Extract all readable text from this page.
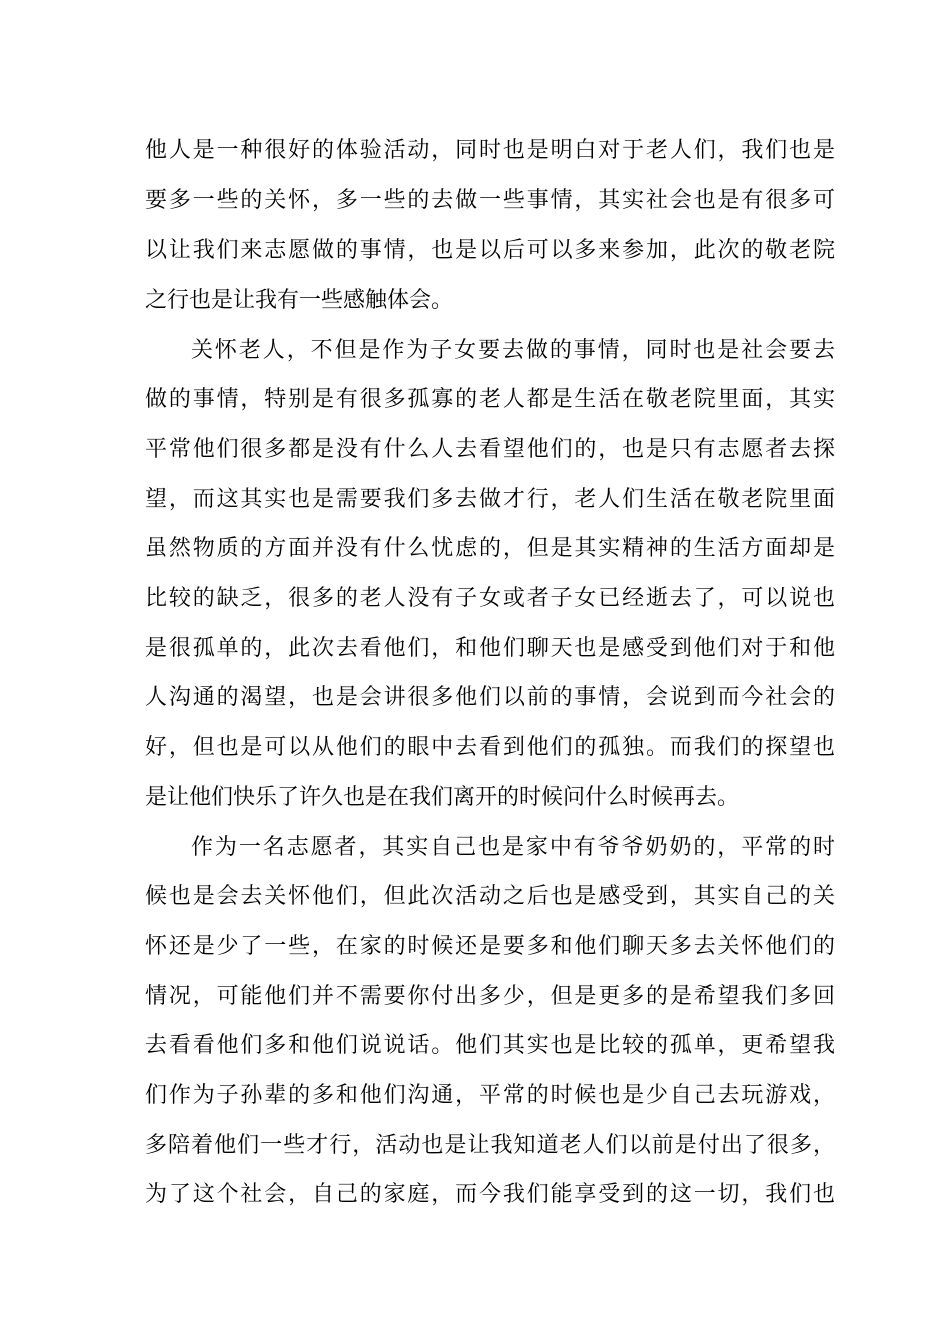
他人是一种很好的体验活动，同时也是明白对于老人们，我们也是
要多一些的关怀，多一些的去做一些事情，其实社会也是有很多可
以让我们来志愿做的事情，也是以后可以多来参加，此次的敬老院
之行也是让我有一些感触体会。
关怀老人，不但是作为子女要去做的事情，同时也是社会要去
做的事情，特别是有很多孤寡的老人都是生活在敬老院里面，其实
平常他们很多都是没有什么人去看望他们的，也是只有志愿者去探
望，而这其实也是需要我们多去做才行，老人们生活在敬老院里面
虽然物质的方面并没有什么忧虑的，但是其实精神的生活方面却是
比较的缺乏，很多的老人没有子女或者子女已经逝去了，可以说也
是很孤单的，此次去看他们，和他们聊天也是感受到他们对于和他
人沟通的渴望，也是会讲很多他们以前的事情，会说到而今社会的
好，但也是可以从他们的眼中去看到他们的孤独。而我们的探望也
是让他们快乐了许久也是在我们离开的时候问什么时候再去。
作为一名志愿者，其实自己也是家中有爷爷奶奶的，平常的时
候也是会去关怀他们，但此次活动之后也是感受到，其实自己的关
怀还是少了一些，在家的时候还是要多和他们聊天多去关怀他们的
情况，可能他们并不需要你付出多少，但是更多的是希望我们多回
去看看他们多和他们说说话。他们其实也是比较的孤单，更希望我
们作为子孙辈的多和他们沟通，平常的时候也是少自己去玩游戏，
多陪着他们一些才行，活动也是让我知道老人们以前是付出了很多，
为了这个社会，自己的家庭，而今我们能享受到的这一切，我们也
